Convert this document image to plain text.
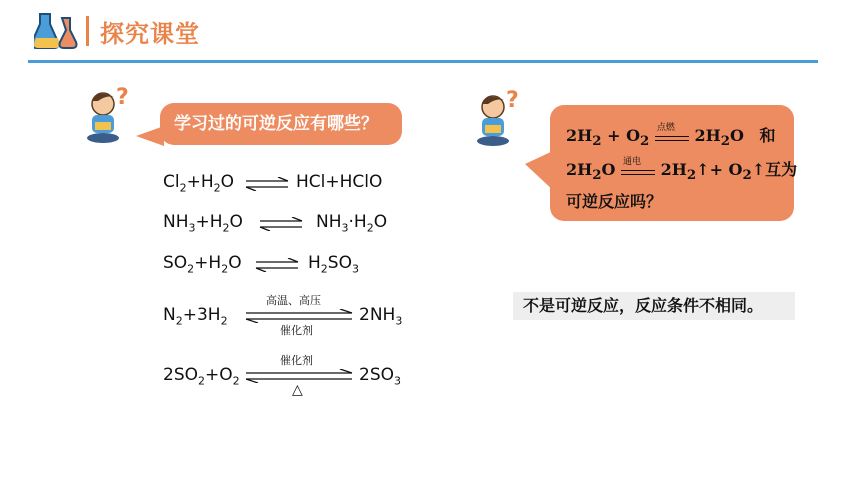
探究课堂
?
学习过的可逆反应有哪些？
$Cl_2+H_2O$ ⇌ HCl+HClO
$NH_3+H_2O$ ⇌ $NH_3\cdot H_2O$
$SO_2+H_2O$ ⇌ $H_2SO_3$
$N_2+3H_2$
高温、高压
催化剂
$2NH_3$
$2SO_2+O_2$
催化剂
△
$2SO_3$
?
$2H_2 + O_2$
点燃 $2H_2O$ 和
$2H_2O$ 通电 $2H_2↑+$ $O_2↑$互为
可逆反应吗？
不是可逆反应，反应条件不相同。
